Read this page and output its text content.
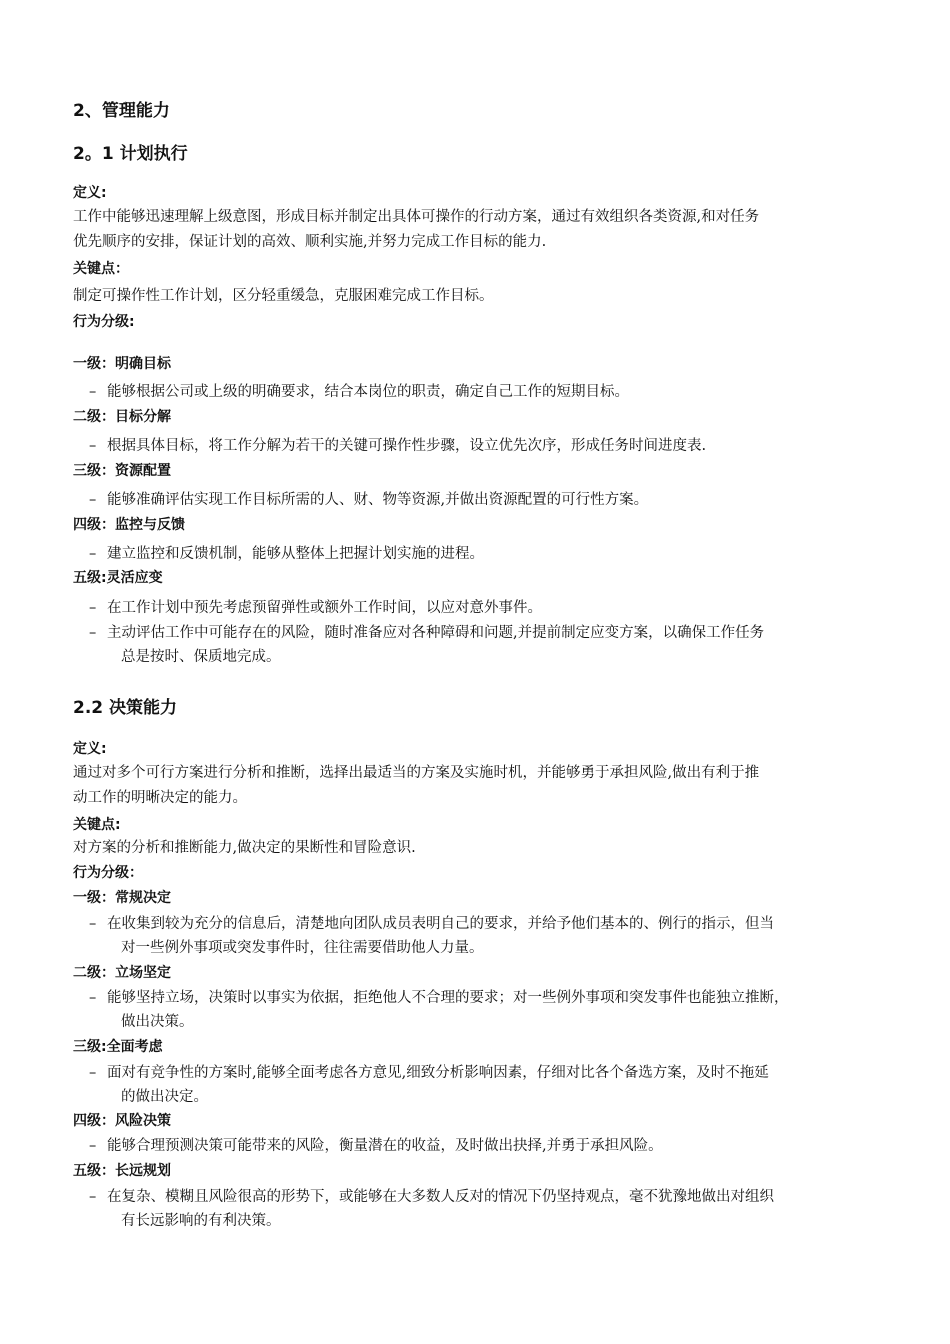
2、管理能力
2。1 计划执行
定义:
工作中能够迅速理解上级意图，形成目标并制定出具体可操作的行动方案，通过有效组织各类资源,和对任务
优先顺序的安排，保证计划的高效、顺利实施,并努力完成工作目标的能力.
关键点：
制定可操作性工作计划，区分轻重缓急，克服困难完成工作目标。
行为分级:
一级：明确目标
– 能够根据公司或上级的明确要求，结合本岗位的职责，确定自己工作的短期目标。
二级：目标分解
– 根据具体目标，将工作分解为若干的关键可操作性步骤，设立优先次序，形成任务时间进度表.
三级：资源配置
– 能够准确评估实现工作目标所需的人、财、物等资源,并做出资源配置的可行性方案。
四级：监控与反馈
– 建立监控和反馈机制，能够从整体上把握计划实施的进程。
五级:灵活应变
– 在工作计划中预先考虑预留弹性或额外工作时间，以应对意外事件。
– 主动评估工作中可能存在的风险，随时准备应对各种障碍和问题,并提前制定应变方案，以确保工作任务
总是按时、保质地完成。
2.2 决策能力
定义:
通过对多个可行方案进行分析和推断，选择出最适当的方案及实施时机，并能够勇于承担风险,做出有利于推
动工作的明晰决定的能力。
关键点:
对方案的分析和推断能力,做决定的果断性和冒险意识.
行为分级：
一级：常规决定
– 在收集到较为充分的信息后，清楚地向团队成员表明自己的要求，并给予他们基本的、例行的指示，但当
对一些例外事项或突发事件时，往往需要借助他人力量。
二级：立场坚定
– 能够坚持立场，决策时以事实为依据，拒绝他人不合理的要求；对一些例外事项和突发事件也能独立推断，
做出决策。
三级:全面考虑
– 面对有竞争性的方案时,能够全面考虑各方意见,细致分析影响因素，仔细对比各个备选方案，及时不拖延
的做出决定。
四级：风险决策
– 能够合理预测决策可能带来的风险，衡量潜在的收益，及时做出抉择,并勇于承担风险。
五级：长远规划
– 在复杂、模糊且风险很高的形势下，或能够在大多数人反对的情况下仍坚持观点，毫不犹豫地做出对组织
有长远影响的有利决策。
